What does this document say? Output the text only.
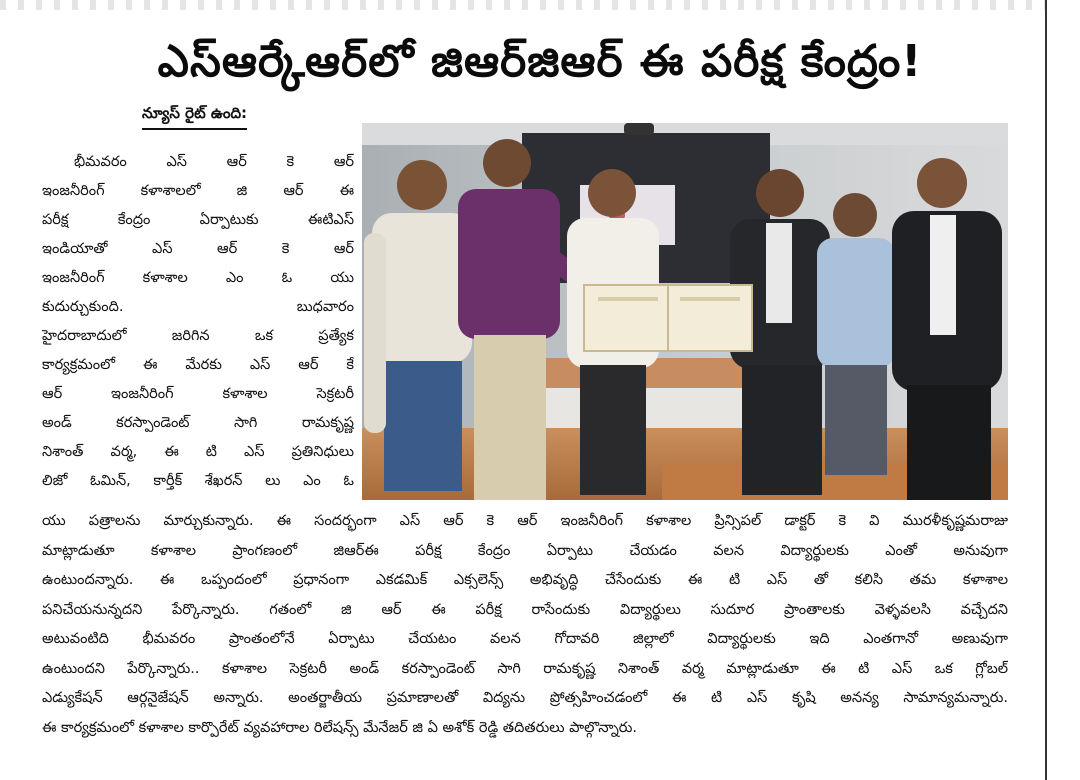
ఎస్ఆర్కేఆర్‌లో జిఆర్‌జిఆర్ ఈ పరీక్ష కేంద్రం!
న్యూస్ రైట్ ఉంది:
భీమవరం ఎస్ ఆర్ కె ఆర్
ఇంజనీరింగ్ కళాశాలలో జి ఆర్ ఈ
పరీక్ష కేంద్రం ఏర్పాటుకు ఈటిఎస్
ఇండియాతో ఎస్ ఆర్ కె ఆర్
ఇంజనీరింగ్ కళాశాల ఎం ఓ యు
కుదుర్చుకుంది. బుధవారం
హైదరాబాదులో జరిగిన ఒక ప్రత్యేక
కార్యక్రమంలో ఈ మేరకు ఎస్ ఆర్ కే
ఆర్ ఇంజనీరింగ్ కళాశాల సెక్రటరీ
అండ్ కరస్పాండెంట్ సాగి రామకృష్ణ
నిశాంత్ వర్మ, ఈ టి ఎస్ ప్రతినిధులు
లిజో ఓమిన్, కార్తీక్ శేఖరన్ లు ఎం ఓ
యు పత్రాలను మార్చుకున్నారు. ఈ సందర్భంగా ఎస్ ఆర్ కె ఆర్ ఇంజనీరింగ్ కళాశాల ప్రిన్సిపల్ డాక్టర్ కె వి మురళీకృష్ణమరాజు
మాట్లాడుతూ కళాశాల ప్రాంగణంలో జిఆర్ఈ పరీక్ష కేంద్రం ఏర్పాటు చేయడం వలన విద్యార్థులకు ఎంతో అనువుగా
ఉంటుందన్నారు. ఈ ఒప్పందంలో ప్రధానంగా ఎకడమిక్ ఎక్సలెన్స్ అభివృద్ధి చేసేందుకు ఈ టి ఎస్ తో కలిసి తమ కళాశాల
పనిచేయనున్నదని పేర్కొన్నారు. గతంలో జి ఆర్ ఈ పరీక్ష రాసేందుకు విద్యార్థులు సుదూర ప్రాంతాలకు వెళ్ళవలసి వచ్చేదని
అటువంటిది భీమవరం ప్రాంతంలోనే ఏర్పాటు చేయటం వలన గోదావరి జిల్లాలో విద్యార్థులకు ఇది ఎంతగానో అణువుగా
ఉంటుందని పేర్కొన్నారు.. కళాశాల సెక్రటరీ అండ్ కరస్పాండెంట్ సాగి రామకృష్ణ నిశాంత్ వర్మ మాట్లాడుతూ ఈ టి ఎస్ ఒక గ్లోబల్
ఎడ్యుకేషన్ ఆర్గనైజేషన్ అన్నారు. అంతర్జాతీయ ప్రమాణాలతో విద్యను ప్రోత్సహించడంలో ఈ టి ఎస్ కృషి అనన్య సామాన్యమన్నారు.
ఈ కార్యక్రమంలో కళాశాల కార్పొరేట్ వ్యవహారాల రిలేషన్స్ మేనేజర్ జి ఏ అశోక్ రెడ్డి తదితరులు పాల్గొన్నారు.
